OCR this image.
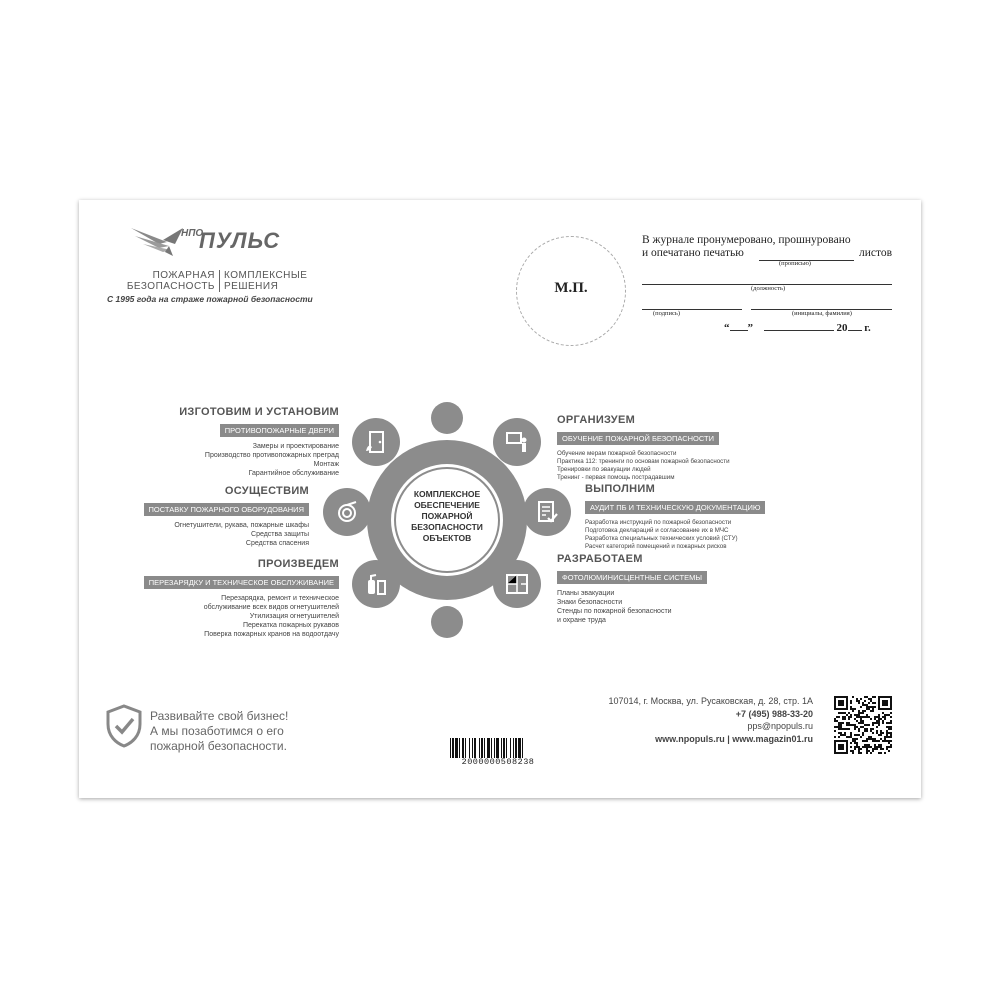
НПО
ПУЛЬС
ПОЖАРНАЯ
БЕЗОПАСНОСТЬ
КОМПЛЕКСНЫЕ
РЕШЕНИЯ
С 1995 года на страже пожарной безопасности
М.П.
В журнале пронумеровано, прошнуровано
и опечатано печатью	листов
(прописью)
(должность)
(подпись)	(инициалы, фамилия)
“ ”	20 г.
КОМПЛЕКСНОЕ
ОБЕСПЕЧЕНИЕ
ПОЖАРНОЙ
БЕЗОПАСНОСТИ
ОБЪЕКТОВ
ИЗГОТОВИМ И УСТАНОВИМ
ПРОТИВОПОЖАРНЫЕ ДВЕРИ
Замеры и проектирование
Производство противопожарных преград
Монтаж
Гарантийное обслуживание
ОСУЩЕСТВИМ
ПОСТАВКУ ПОЖАРНОГО ОБОРУДОВАНИЯ
Огнетушители, рукава, пожарные шкафы
Средства защиты
Средства спасения
ПРОИЗВЕДЕМ
ПЕРЕЗАРЯДКУ И ТЕХНИЧЕСКОЕ ОБСЛУЖИВАНИЕ
Перезарядка, ремонт и техническое
обслуживание всех видов огнетушителей
Утилизация огнетушителей
Перекатка пожарных рукавов
Поверка пожарных кранов на водоотдачу
ОРГАНИЗУЕМ
ОБУЧЕНИЕ ПОЖАРНОЙ БЕЗОПАСНОСТИ
Обучение мерам пожарной безопасности
Практика 112: тренинги по основам пожарной безопасности
Тренировки по эвакуации людей
Тренинг - первая помощь пострадавшим
ВЫПОЛНИМ
АУДИТ ПБ И ТЕХНИЧЕСКУЮ ДОКУМЕНТАЦИЮ
Разработка инструкций по пожарной безопасности
Подготовка деклараций и согласование их в МЧС
Разработка специальных технических условий (СТУ)
Расчет категорий помещений и пожарных рисков
РАЗРАБОТАЕМ
ФОТОЛЮМИНИСЦЕНТНЫЕ СИСТЕМЫ
Планы эвакуации
Знаки безопасности
Стенды по пожарной безопасности
и охране труда
Развивайте свой бизнес!
А мы позаботимся о его
пожарной безопасности.
2000000508238
107014, г. Москва, ул. Русаковская, д. 28, стр. 1А
+7 (495) 988-33-20
pps@npopuls.ru
www.npopuls.ru | www.magazin01.ru
